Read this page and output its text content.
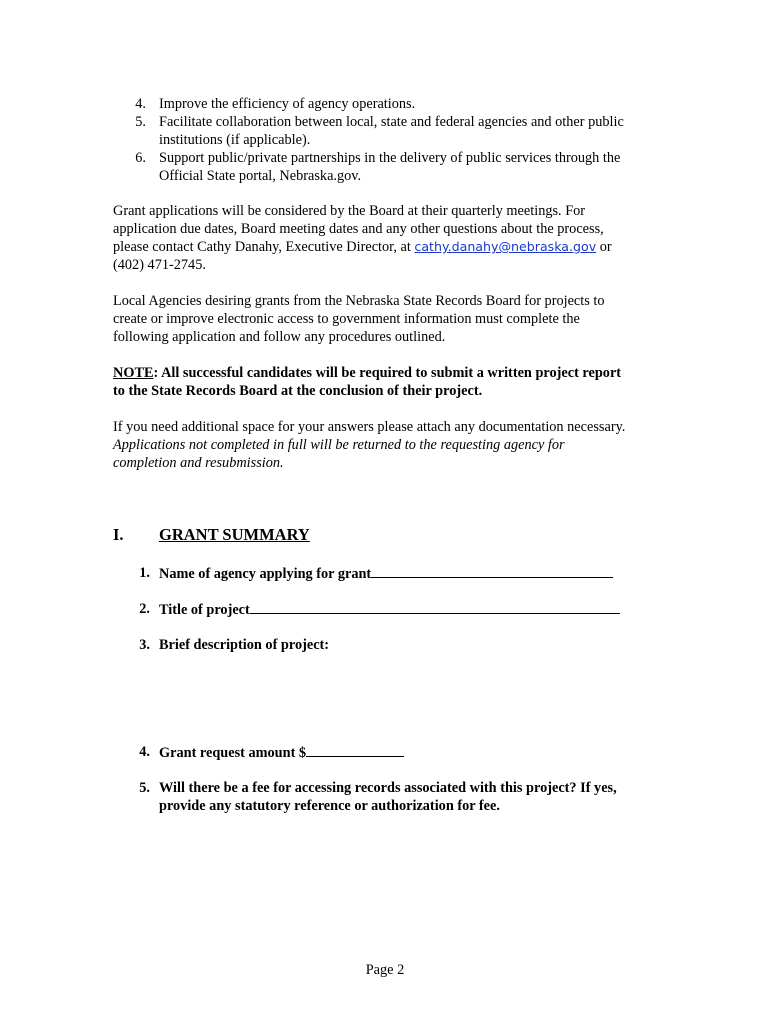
4. Improve the efficiency of agency operations.
5. Facilitate collaboration between local, state and federal agencies and other public
institutions (if applicable).
6. Support public/private partnerships in the delivery of public services through the
Official State portal, Nebraska.gov.
Grant applications will be considered by the Board at their quarterly meetings. For
application due dates, Board meeting dates and any other questions about the process,
please contact Cathy Danahy, Executive Director, at cathy.danahy@nebraska.gov or
(402) 471-2745.
Local Agencies desiring grants from the Nebraska State Records Board for projects to
create or improve electronic access to government information must complete the
following application and follow any procedures outlined.
NOTE: All successful candidates will be required to submit a written project report
to the State Records Board at the conclusion of their project.
If you need additional space for your answers please attach any documentation necessary.
Applications not completed in full will be returned to the requesting agency for
completion and resubmission.
I. GRANT SUMMARY
1. Name of agency applying for grant
2. Title of project
3. Brief description of project:
4. Grant request amount $
5. Will there be a fee for accessing records associated with this project? If yes,
provide any statutory reference or authorization for fee.
Page 2
